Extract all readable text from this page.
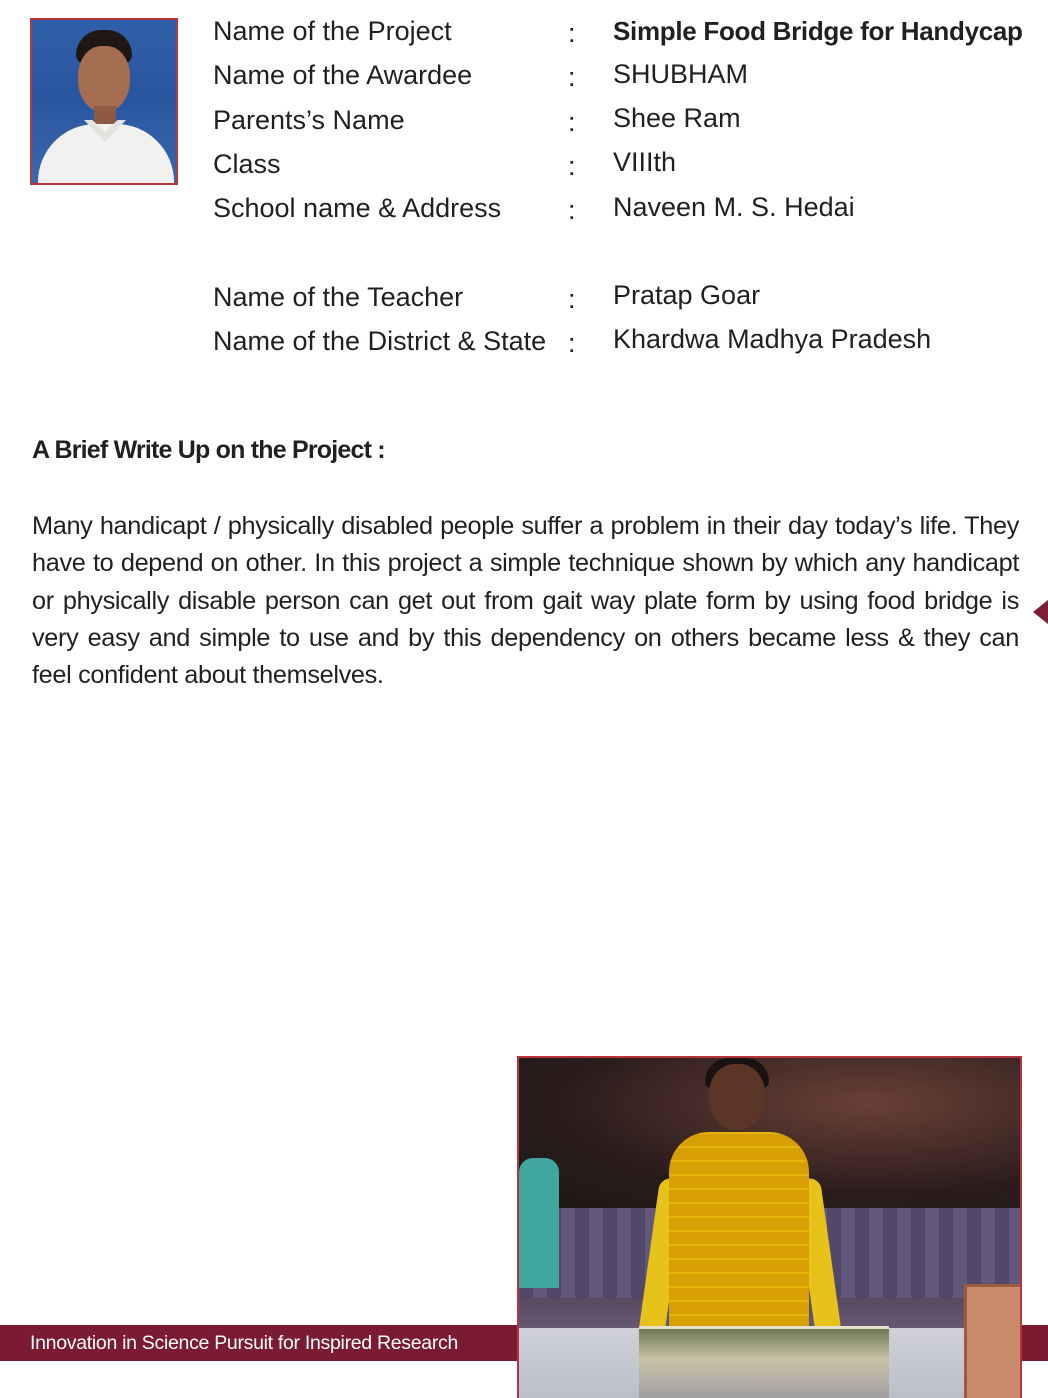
Name of the Project	: Simple Food Bridge for Handycap
Name of the Awardee	: SHUBHAM
Parents’s Name	: Shee Ram
Class	: VIIIth
School name & Address : Naveen M. S. Hedai
Name of the Teacher	: Pratap Goar
Name of the District & State : Khardwa Madhya Pradesh
A Brief Write Up on the Project :

Many handicapt / physically disabled people suffer a problem in their day today’s life. They have to depend on other. In this project a simple technique shown by which any handicapt or physically disable person can get out from gait way plate form by using food bridge is very easy and simple to use and by this dependency on others became less & they can feel confident about themselves.

Innovation in Science Pursuit for Inspired Research
